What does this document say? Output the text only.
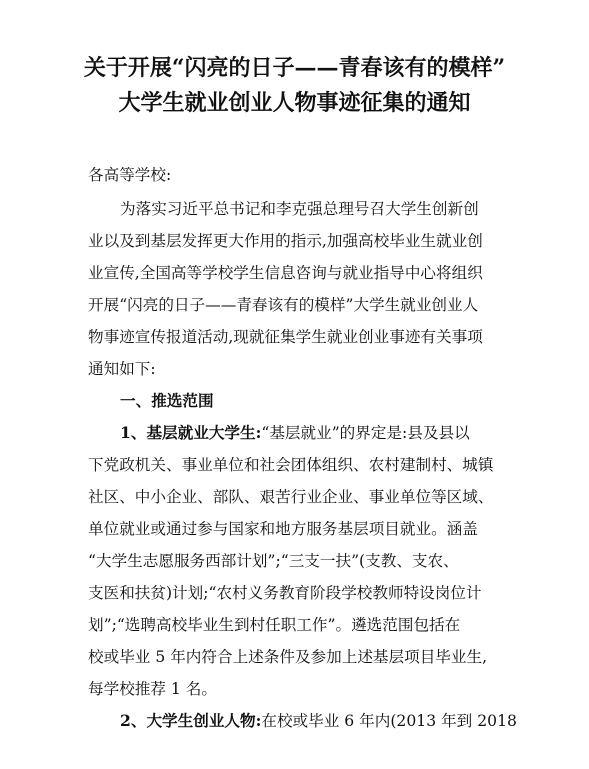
关于开展“闪亮的日子——青春该有的模样”
大学生就业创业人物事迹征集的通知
各高等学校:
为落实习近平总书记和李克强总理号召大学生创新创
业以及到基层发挥更大作用的指示,加强高校毕业生就业创
业宣传,全国高等学校学生信息咨询与就业指导中心将组织
开展“闪亮的日子——青春该有的模样”大学生就业创业人
物事迹宣传报道活动,现就征集学生就业创业事迹有关事项
通知如下:
一、推选范围
1、基层就业大学生:“基层就业”的界定是:县及县以
下党政机关、事业单位和社会团体组织、农村建制村、城镇
社区、中小企业、部队、艰苦行业企业、事业单位等区域、
单位就业或通过参与国家和地方服务基层项目就业。涵盖
“大学生志愿服务西部计划”;“三支一扶”(支教、支农、
支医和扶贫)计划;“农村义务教育阶段学校教师特设岗位计
划”;“选聘高校毕业生到村任职工作”。遴选范围包括在
校或毕业 5 年内符合上述条件及参加上述基层项目毕业生,
每学校推荐 1 名。
2、大学生创业人物:在校或毕业 6 年内(2013 年到 2018
